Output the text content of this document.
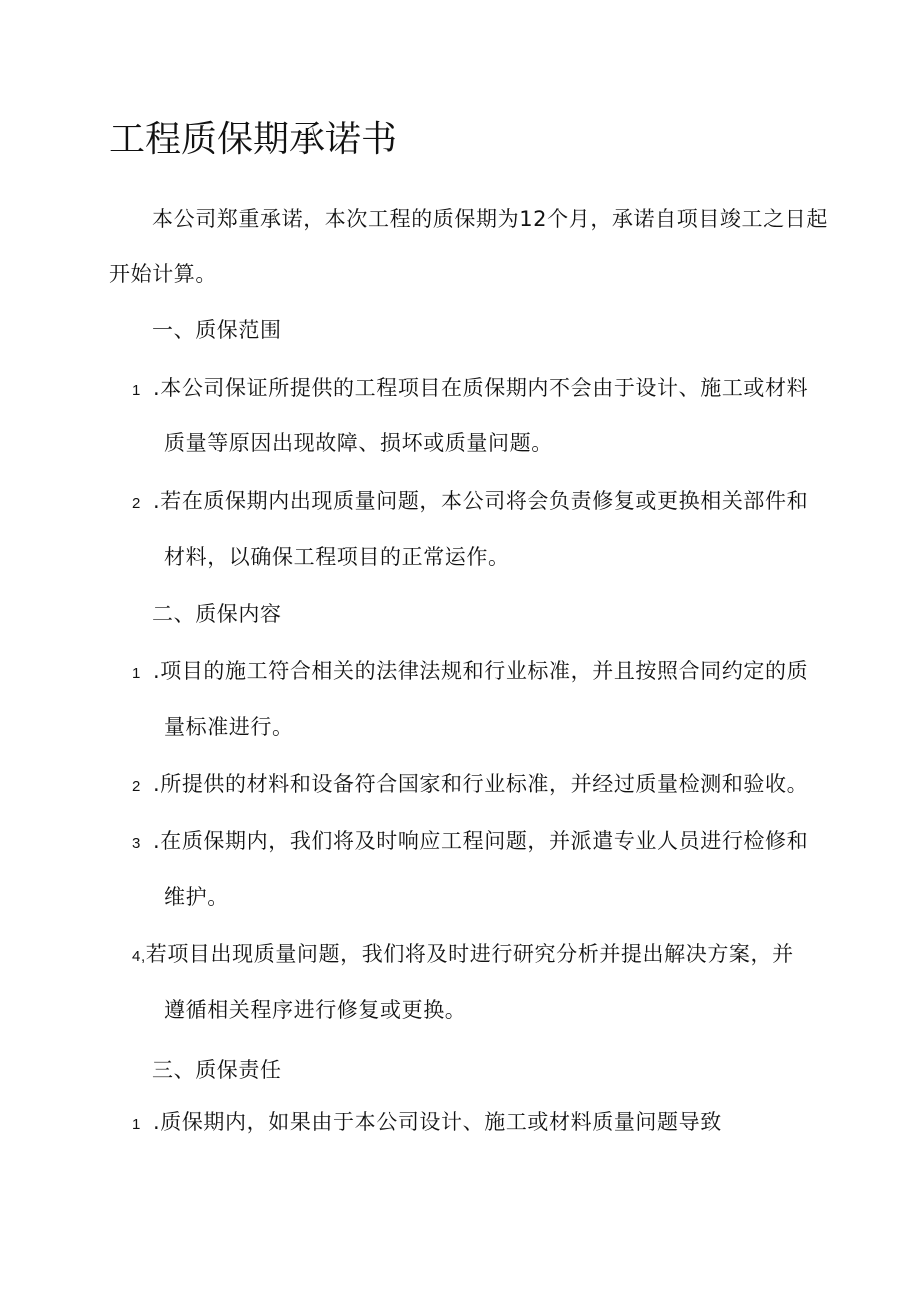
工程质保期承诺书
本公司郑重承诺，本次工程的质保期为12个月，承诺自项目竣工之日起
开始计算。
一、质保范围
1 .本公司保证所提供的工程项目在质保期内不会由于设计、施工或材料
质量等原因出现故障、损坏或质量问题。
2 .若在质保期内出现质量问题，本公司将会负责修复或更换相关部件和
材料，以确保工程项目的正常运作。
二、质保内容
1 .项目的施工符合相关的法律法规和行业标准，并且按照合同约定的质
量标准进行。
2 .所提供的材料和设备符合国家和行业标准，并经过质量检测和验收。
3 .在质保期内，我们将及时响应工程问题，并派遣专业人员进行检修和
维护。
4,若项目出现质量问题，我们将及时进行研究分析并提出解决方案，并
遵循相关程序进行修复或更换。
三、质保责任
1 .质保期内，如果由于本公司设计、施工或材料质量问题导致
